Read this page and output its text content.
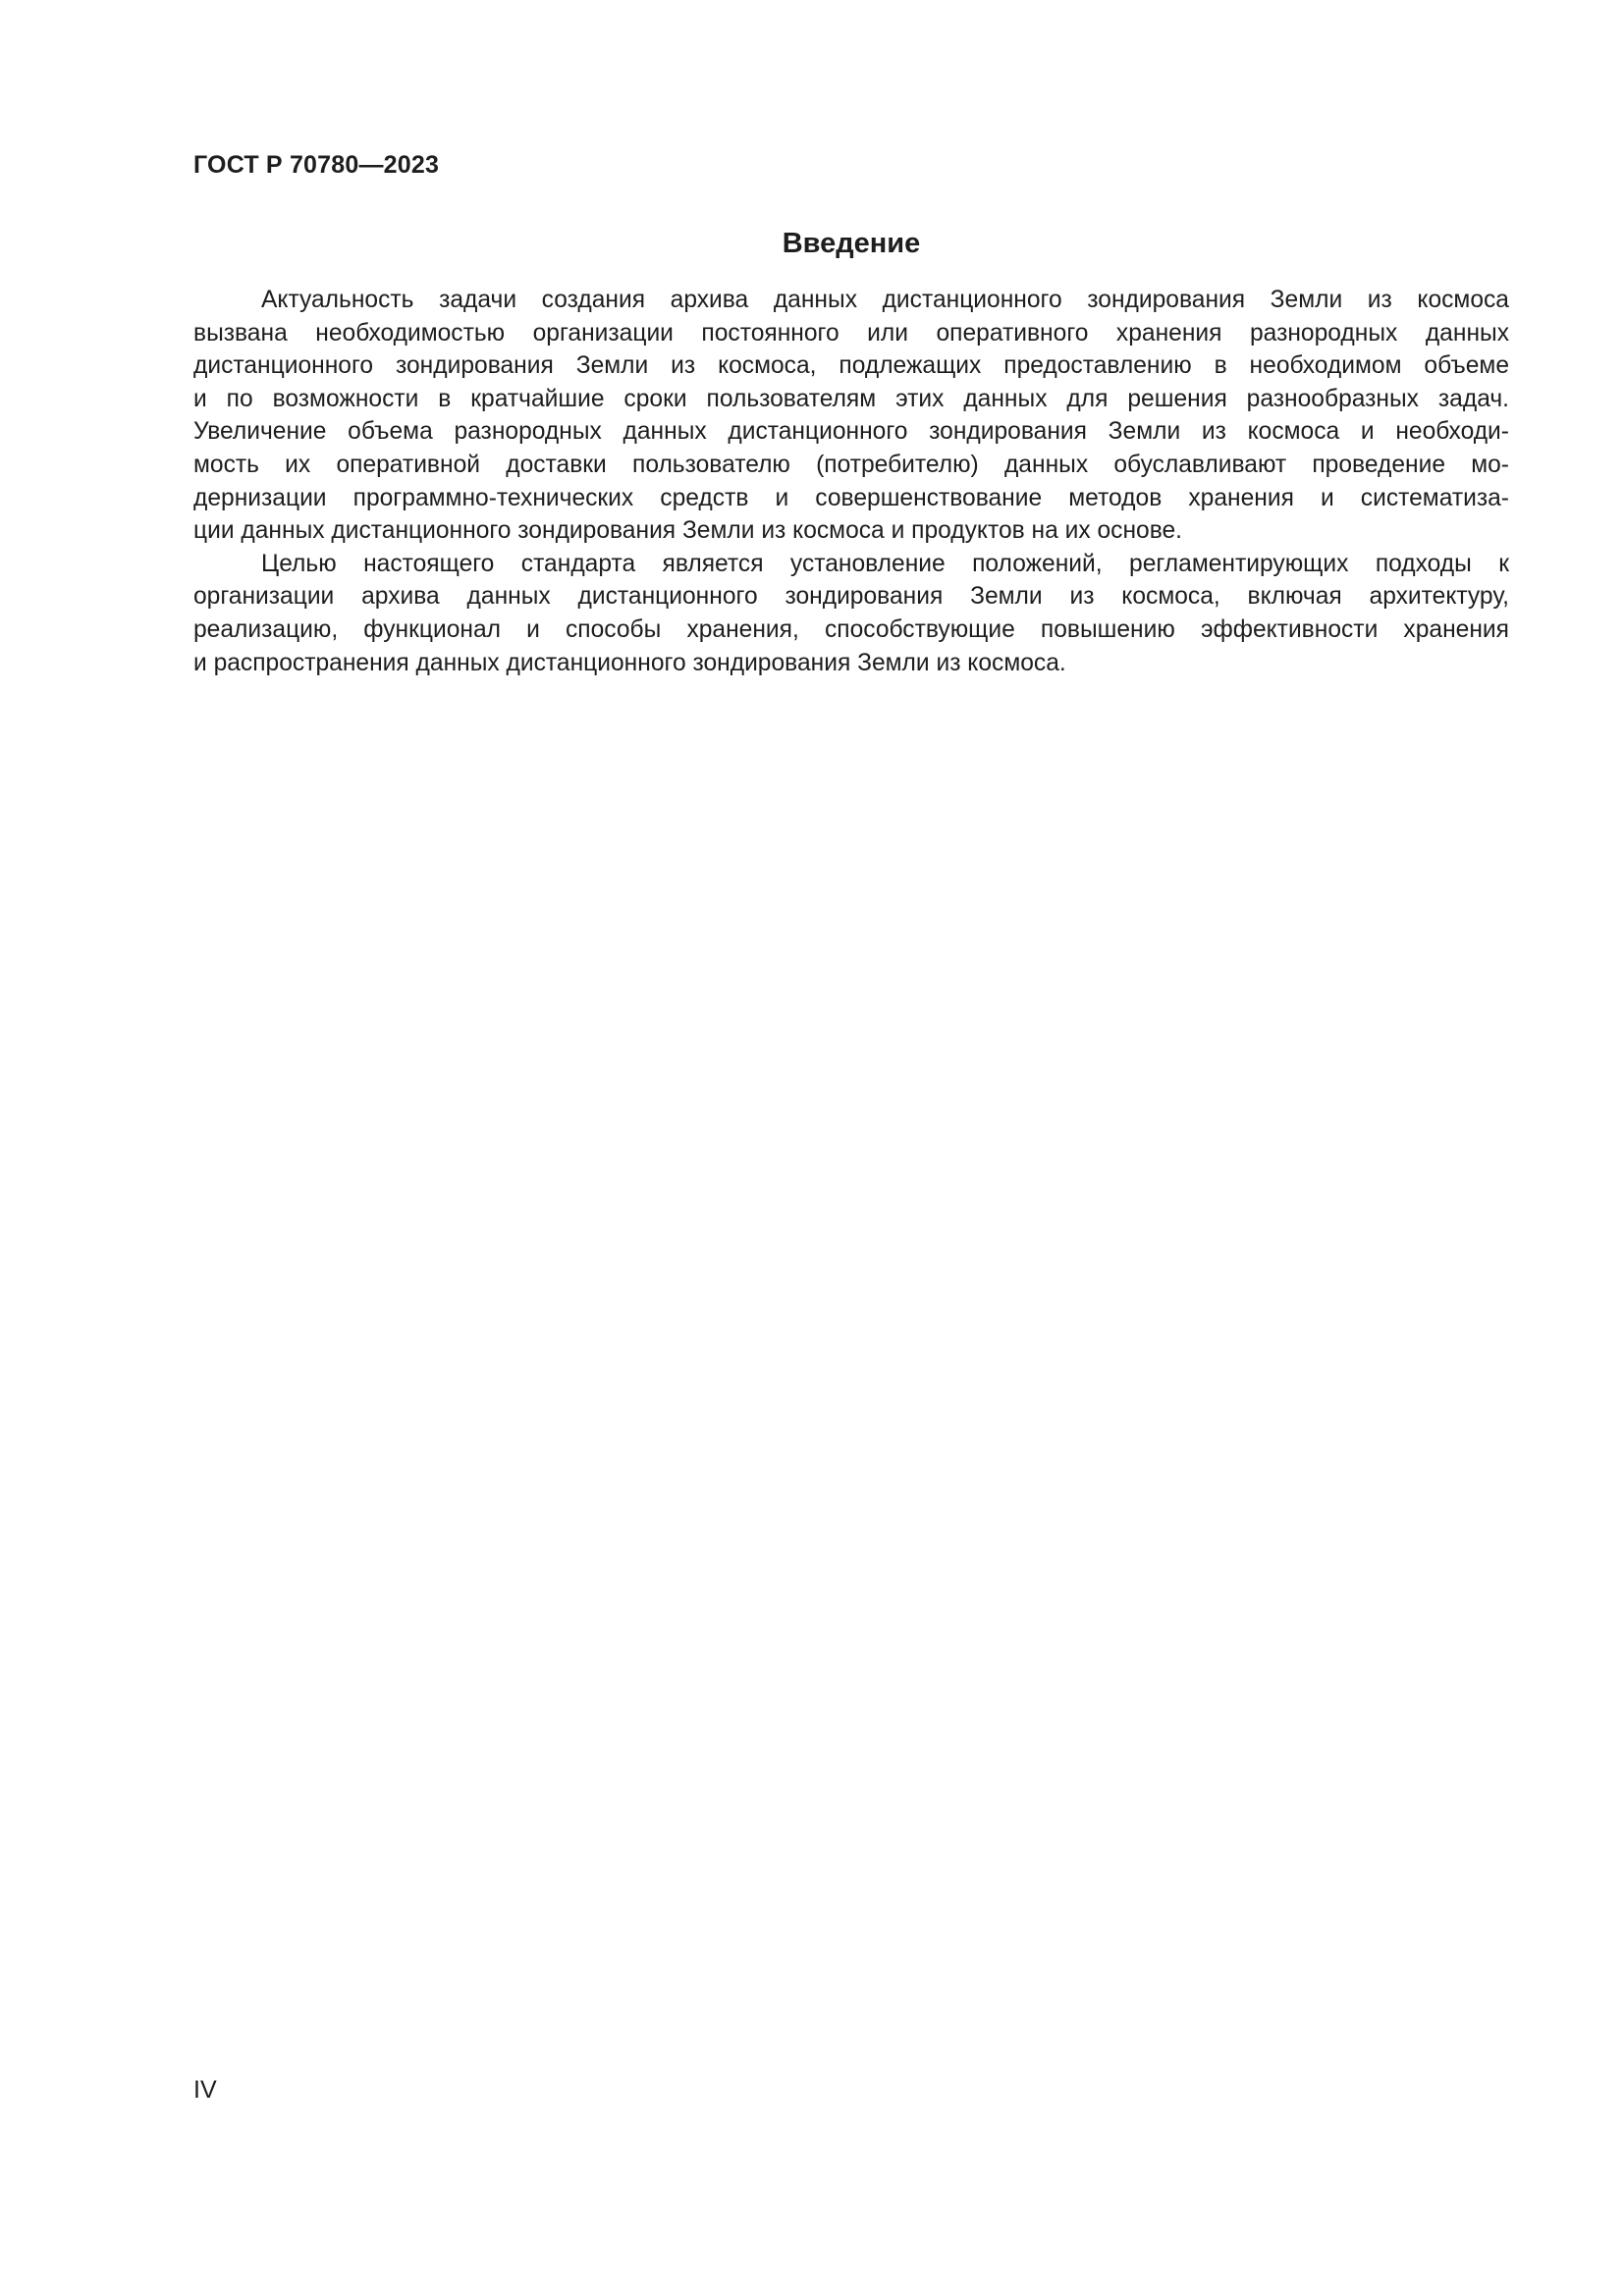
ГОСТ Р 70780—2023
Введение

Актуальность задачи создания архива данных дистанционного зондирования Земли из космоса
вызвана необходимостью организации постоянного или оперативного хранения разнородных данных
дистанционного зондирования Земли из космоса, подлежащих предоставлению в необходимом объеме
и по возможности в кратчайшие сроки пользователям этих данных для решения разнообразных задач.
Увеличение объема разнородных данных дистанционного зондирования Земли из космоса и необходи-
мость их оперативной доставки пользователю (потребителю) данных обуславливают проведение мо-
дернизации программно-технических средств и совершенствование методов хранения и систематиза-
ции данных дистанционного зондирования Земли из космоса и продуктов на их основе.

Целью настоящего стандарта является установление положений, регламентирующих подходы к
организации архива данных дистанционного зондирования Земли из космоса, включая архитектуру,
реализацию, функционал и способы хранения, способствующие повышению эффективности хранения
и распространения данных дистанционного зондирования Земли из космоса.

IV
